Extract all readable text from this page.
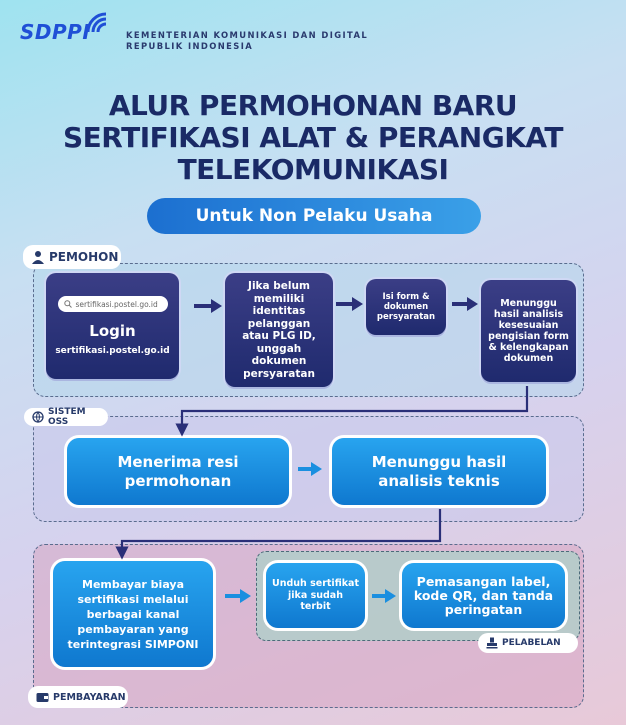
SDPPI	KEMENTERIAN KOMUNIKASI DAN DIGITAL
REPUBLIK INDONESIA
ALUR PERMOHONAN BARU
SERTIFIKASI ALAT & PERANGKAT
TELEKOMUNIKASI
Untuk Non Pelaku Usaha
PEMOHON
SISTEM OSS
PEMBAYARAN
PELABELAN
sertifikasi.postel.go.id
Login
sertifikasi.postel.go.id
Jika belum memiliki identitas pelanggan atau PLG ID, unggah dokumen persyaratan
Isi form & dokumen persyaratan
Menunggu hasil analisis kesesuaian pengisian form & kelengkapan dokumen
Menerima resi permohonan
Menunggu hasil analisis teknis
Membayar biaya sertifikasi melalui berbagai kanal pembayaran yang terintegrasi SIMPONI
Unduh sertifikat jika sudah terbit
Pemasangan label, kode QR, dan tanda peringatan
